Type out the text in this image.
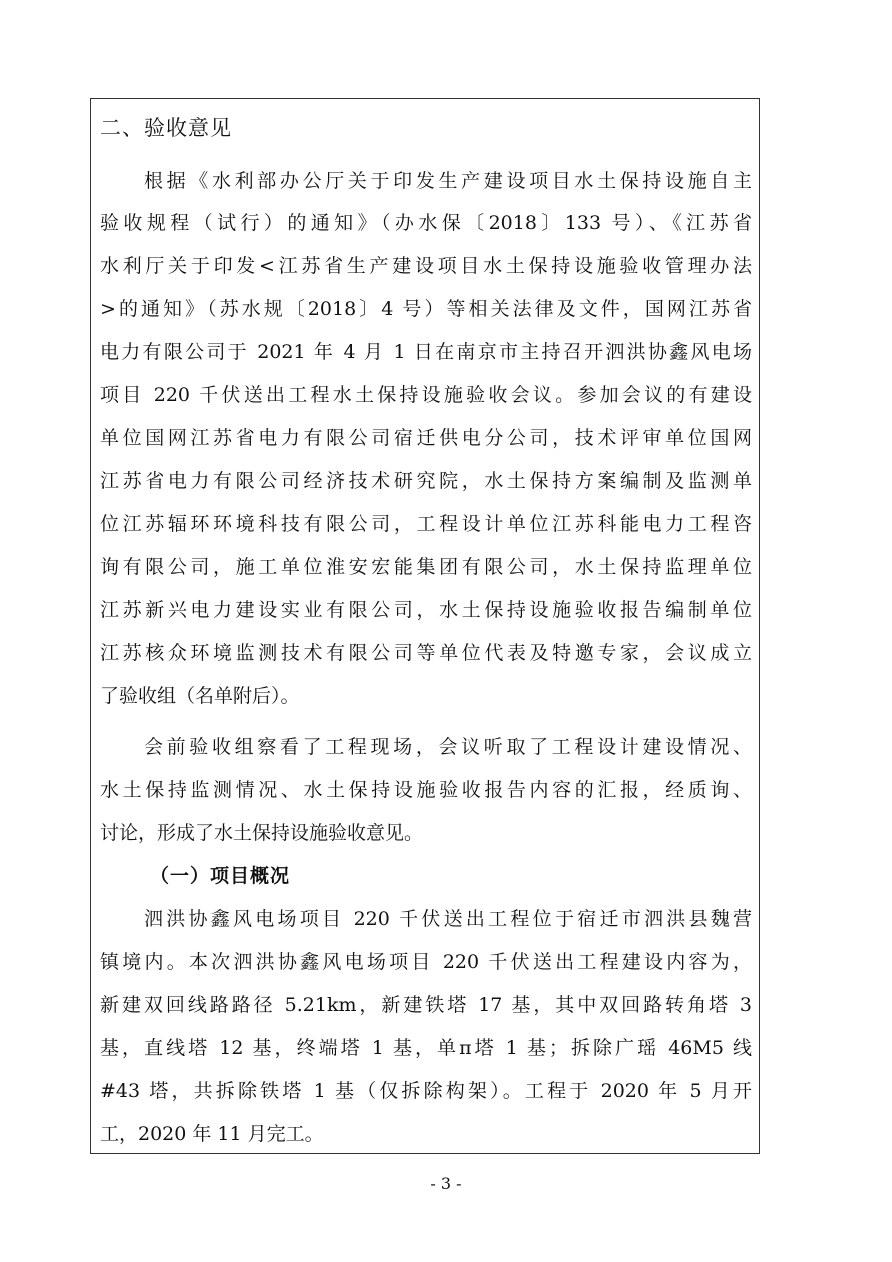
二、验收意见
根据《水利部办公厅关于印发生产建设项目水土保持设施自主
验收规程（试行）的通知》（办水保〔2018〕133 号）、《江苏省
水利厅关于印发<江苏省生产建设项目水土保持设施验收管理办法
>的通知》（苏水规〔2018〕4 号）等相关法律及文件，国网江苏省
电力有限公司于 2021 年 4 月 1 日在南京市主持召开泗洪协鑫风电场
项目 220 千伏送出工程水土保持设施验收会议。参加会议的有建设
单位国网江苏省电力有限公司宿迁供电分公司，技术评审单位国网
江苏省电力有限公司经济技术研究院，水土保持方案编制及监测单
位江苏辐环环境科技有限公司，工程设计单位江苏科能电力工程咨
询有限公司，施工单位淮安宏能集团有限公司，水土保持监理单位
江苏新兴电力建设实业有限公司，水土保持设施验收报告编制单位
江苏核众环境监测技术有限公司等单位代表及特邀专家，会议成立
了验收组（名单附后）。
会前验收组察看了工程现场，会议听取了工程设计建设情况、
水土保持监测情况、水土保持设施验收报告内容的汇报，经质询、
讨论，形成了水土保持设施验收意见。
泗洪协鑫风电场项目 220 千伏送出工程位于宿迁市泗洪县魏营
镇境内。本次泗洪协鑫风电场项目 220 千伏送出工程建设内容为，
新建双回线路路径 5.21km，新建铁塔 17 基，其中双回路转角塔 3
基，直线塔 12 基，终端塔 1 基，单π塔 1 基；拆除广瑶 46M5 线
#43 塔，共拆除铁塔 1 基（仅拆除构架）。工程于 2020 年 5 月开
工，2020 年 11 月完工。
（一）项目概况
- 3 -
